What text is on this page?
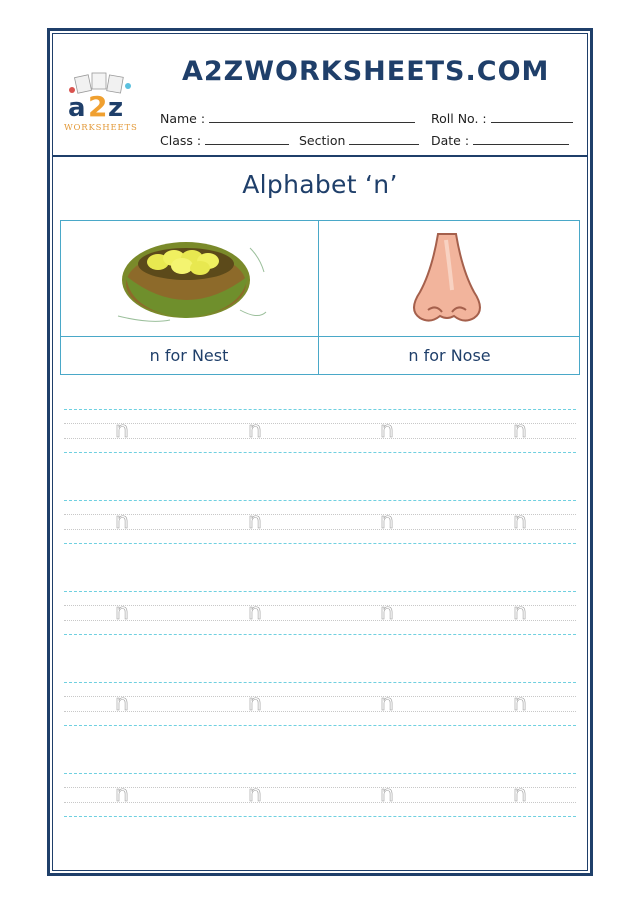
a 2 z
WORKSHEETS
A2ZWORKSHEETS.COM
Name :	Roll No. :
Class :	Section	Date :
Alphabet ‘n’
n for Nest	n for Nose
n	n	n	n
n	n	n	n
n	n	n	n
n	n	n	n
n	n	n	n
